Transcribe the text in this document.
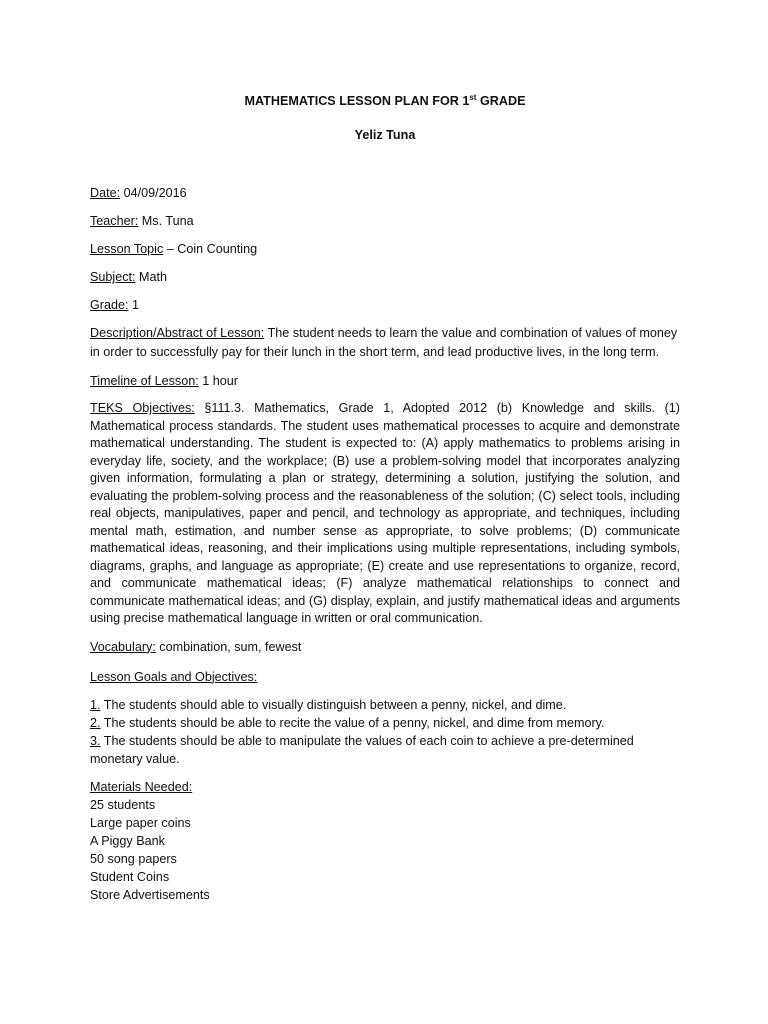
MATHEMATICS LESSON PLAN FOR 1st GRADE

Yeliz Tuna

Date: 04/09/2016

Teacher: Ms. Tuna

Lesson Topic – Coin Counting

Subject: Math

Grade: 1

Description/Abstract of Lesson: The student needs to learn the value and combination of values of money in order to successfully pay for their lunch in the short term, and lead productive lives, in the long term.

Timeline of Lesson: 1 hour

TEKS Objectives: §111.3. Mathematics, Grade 1, Adopted 2012 (b) Knowledge and skills. (1) Mathematical process standards. The student uses mathematical processes to acquire and demonstrate mathematical understanding. The student is expected to: (A) apply mathematics to problems arising in everyday life, society, and the workplace; (B) use a problem-solving model that incorporates analyzing given information, formulating a plan or strategy, determining a solution, justifying the solution, and evaluating the problem-solving process and the reasonableness of the solution; (C) select tools, including real objects, manipulatives, paper and pencil, and technology as appropriate, and techniques, including mental math, estimation, and number sense as appropriate, to solve problems; (D) communicate mathematical ideas, reasoning, and their implications using multiple representations, including symbols, diagrams, graphs, and language as appropriate; (E) create and use representations to organize, record, and communicate mathematical ideas; (F) analyze mathematical relationships to connect and communicate mathematical ideas; and (G) display, explain, and justify mathematical ideas and arguments using precise mathematical language in written or oral communication.

Vocabulary: combination, sum, fewest

Lesson Goals and Objectives:

1. The students should able to visually distinguish between a penny, nickel, and dime.

2. The students should be able to recite the value of a penny, nickel, and dime from memory.

3. The students should be able to manipulate the values of each coin to achieve a pre-determined monetary value.

Materials Needed:

25 students
Large paper coins
A Piggy Bank
50 song papers
Student Coins
Store Advertisements
